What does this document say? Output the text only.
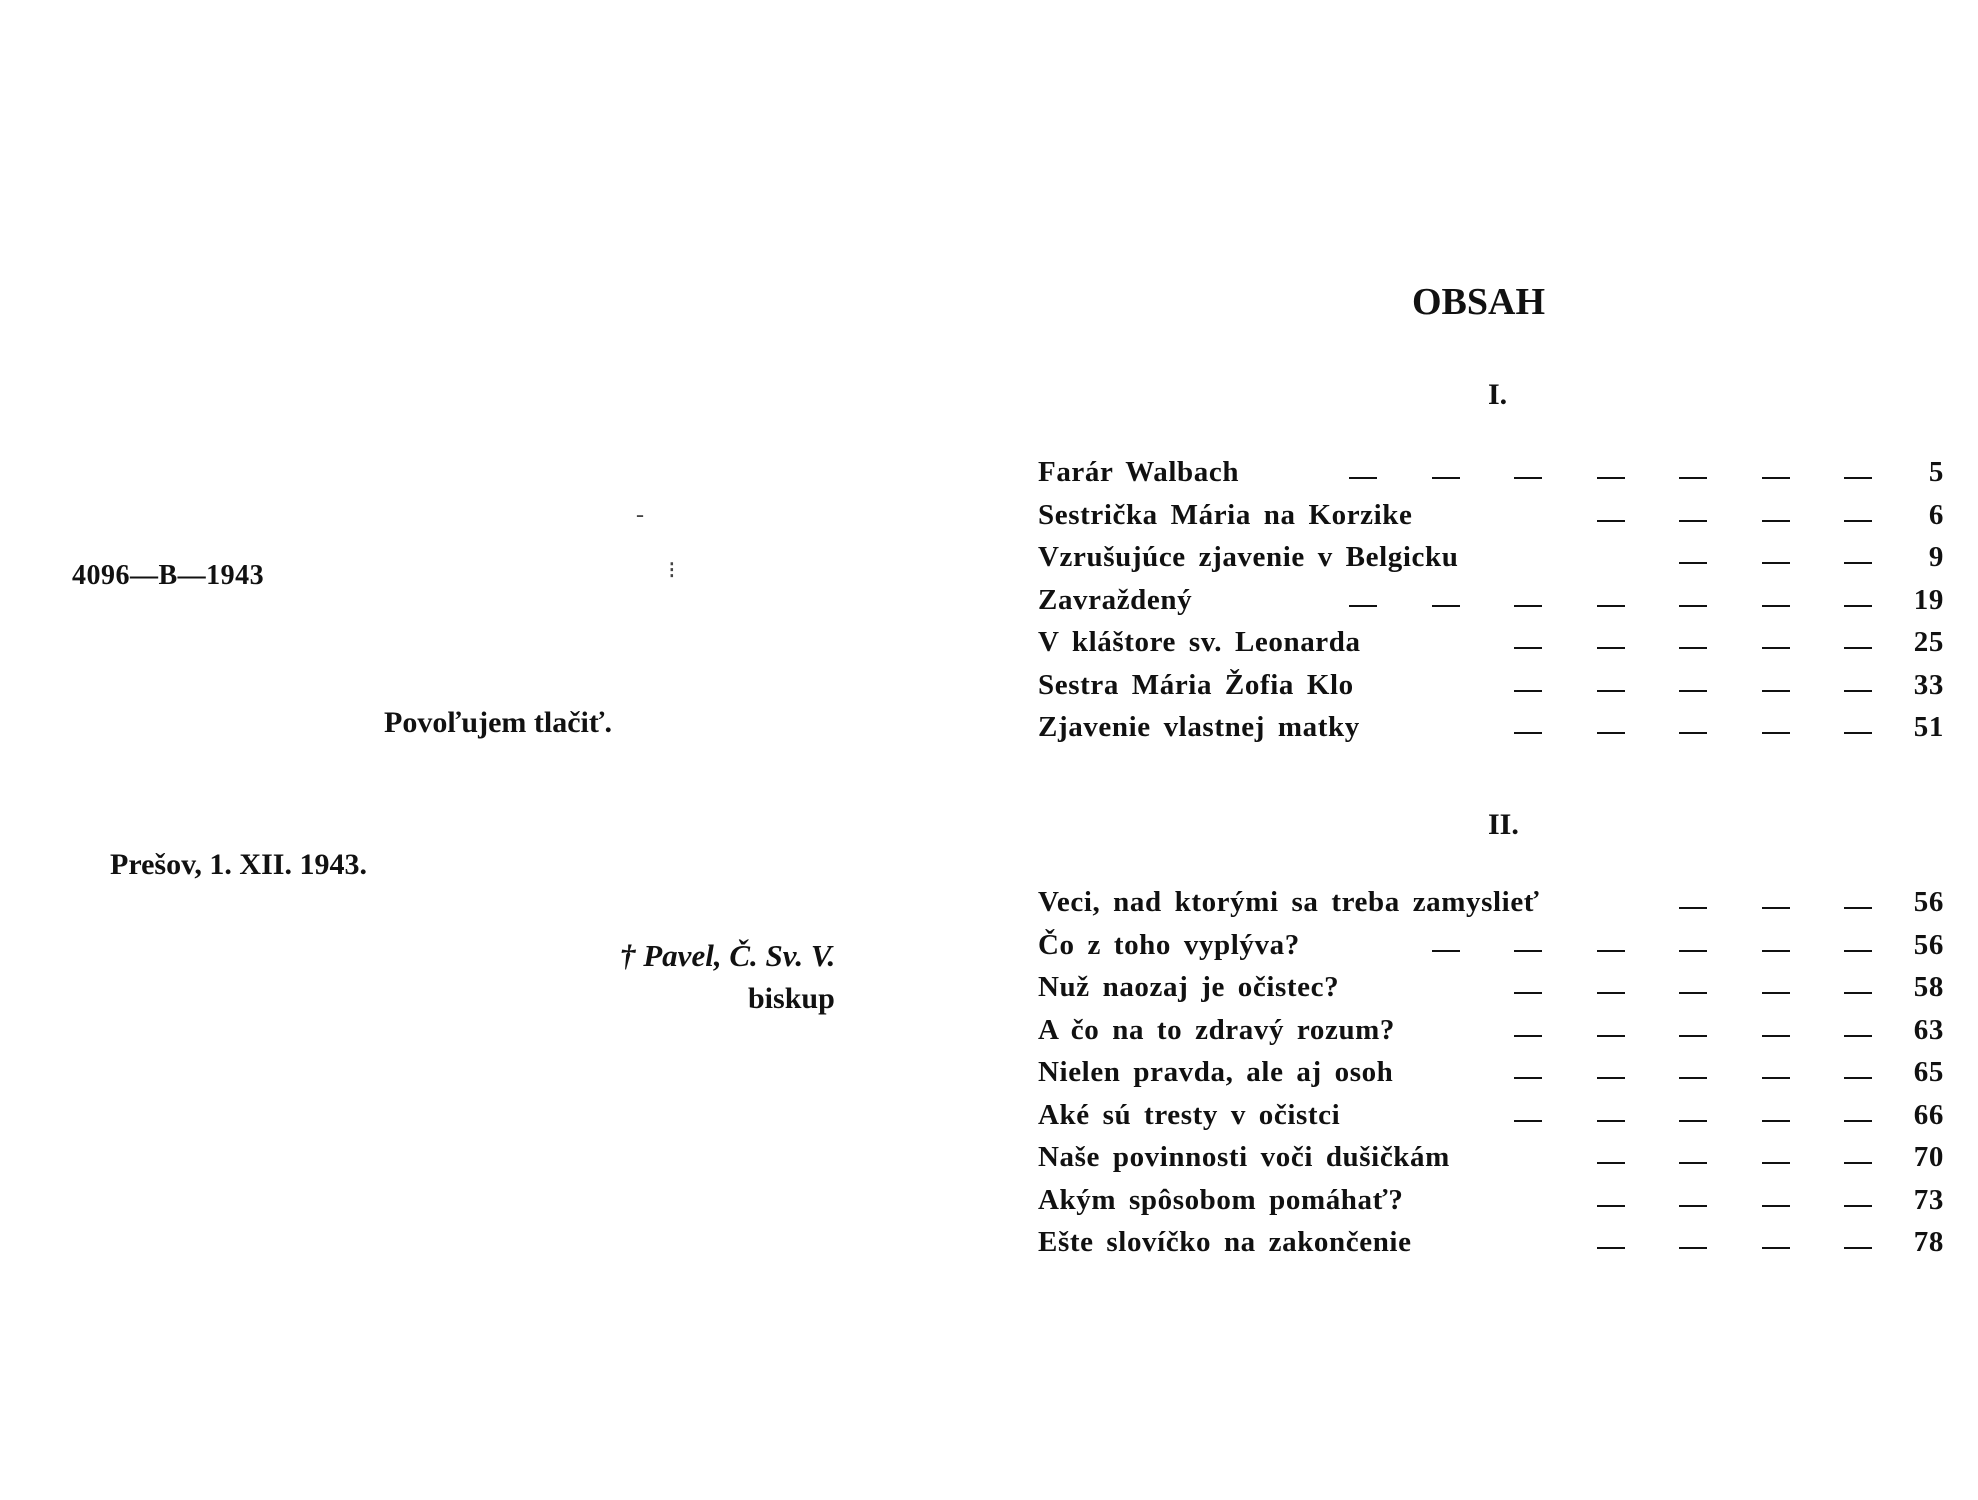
4096—B—1943
-
⁝
Povoľujem tlačiť.
Prešov, 1. XII. 1943.
† Pavel, Č. Sv. V.
biskup
OBSAH
I.
Farár Walbach	5
Sestrička Mária na Korzike	6
Vzrušujúce zjavenie v Belgicku	9
Zavraždený	19
V kláštore sv. Leonarda	25
Sestra Mária Žofia Klo	33
Zjavenie vlastnej matky	51
II.
Veci, nad ktorými sa treba zamyslieť	56
Čo z toho vyplýva?	56
Nuž naozaj je očistec?	58
A čo na to zdravý rozum?	63
Nielen pravda, ale aj osoh	65
Aké sú tresty v očistci	66
Naše povinnosti voči dušičkám	70
Akým spôsobom pomáhať?	73
Ešte slovíčko na zakončenie	78
